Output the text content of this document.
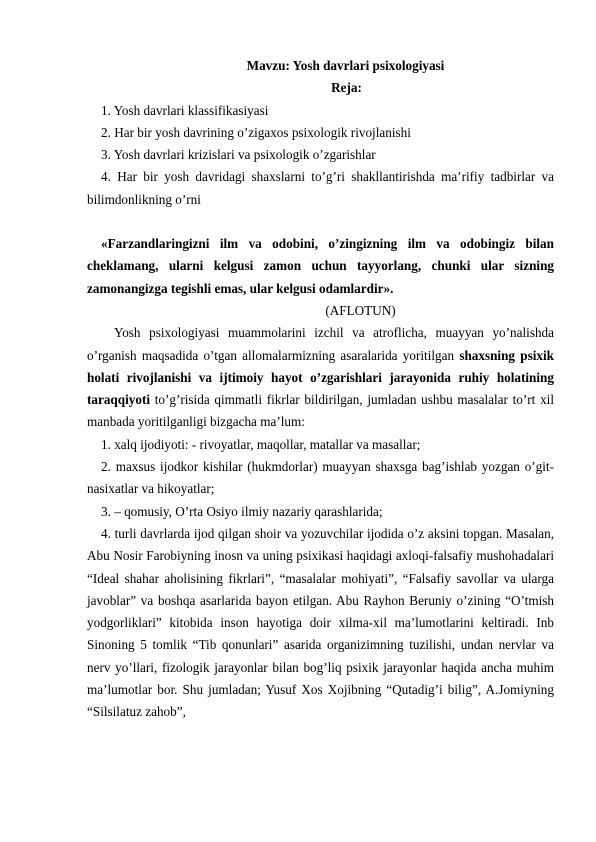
Mavzu: Yosh davrlari psixologiyasi
Reja:
1. Yosh davrlari klassifikasiyasi
2. Har bir yosh davrining o’zigaxos psixologik rivojlanishi
3. Yosh davrlari krizislari va psixologik o’zgarishlar
4. Har bir yosh davridagi shaxslarni to’g’ri shakllantirishda ma’rifiy tadbirlar va bilimdonlikning o’rni
«Farzandlaringizni ilm va odobini, o’zingizning ilm va odobingiz bilan cheklamang, ularni kelgusi zamon uchun tayyorlang, chunki ular sizning zamonangizga tegishli emas, ular kelgusi odamlardir».
(AFLOTUN)
Yosh psixologiyasi muammolarini izchil va atroflicha, muayyan yo’nalishda o’rganish maqsadida o’tgan allomalarmizning asaralarida yoritilgan shaxsning psixik holati rivojlanishi va ijtimoiy hayot o’zgarishlari jarayonida ruhiy holatining taraqqiyoti to’g’risida qimmatli fikrlar bildirilgan, jumladan ushbu masalalar to’rt xil manbada yoritilganligi bizgacha ma’lum:
1. xalq ijodiyoti: - rivoyatlar, maqollar, matallar va masallar;
2. maxsus ijodkor kishilar (hukmdorlar) muayyan shaxsga bag’ishlab yozgan o’git- nasixatlar va hikoyatlar;
3. – qomusiy, O’rta Osiyo ilmiy nazariy qarashlarida;
4. turli davrlarda ijod qilgan shoir va yozuvchilar ijodida o’z aksini topgan. Masalan, Abu Nosir Farobiyning inosn va uning psixikasi haqidagi axloqi-falsafiy mushohadalari “Ideal shahar aholisining fikrlari”, “masalalar mohiyati”, “Falsafiy savollar va ularga javoblar” va boshqa asarlarida bayon etilgan. Abu Rayhon Beruniy o’zining “O’tmish yodgorliklari” kitobida inson hayotiga doir xilma-xil ma’lumotlarini keltiradi. Inb Sinoning 5 tomlik “Tib qonunlari” asarida organizimning tuzilishi, undan nervlar va nerv yo’llari, fizologik jarayonlar bilan bog’liq psixik jarayonlar haqida ancha muhim ma’lumotlar bor. Shu jumladan; Yusuf Xos Xojibning “Qutadig’i bilig”, A.Jomiyning “Silsilatuz zahob”,
